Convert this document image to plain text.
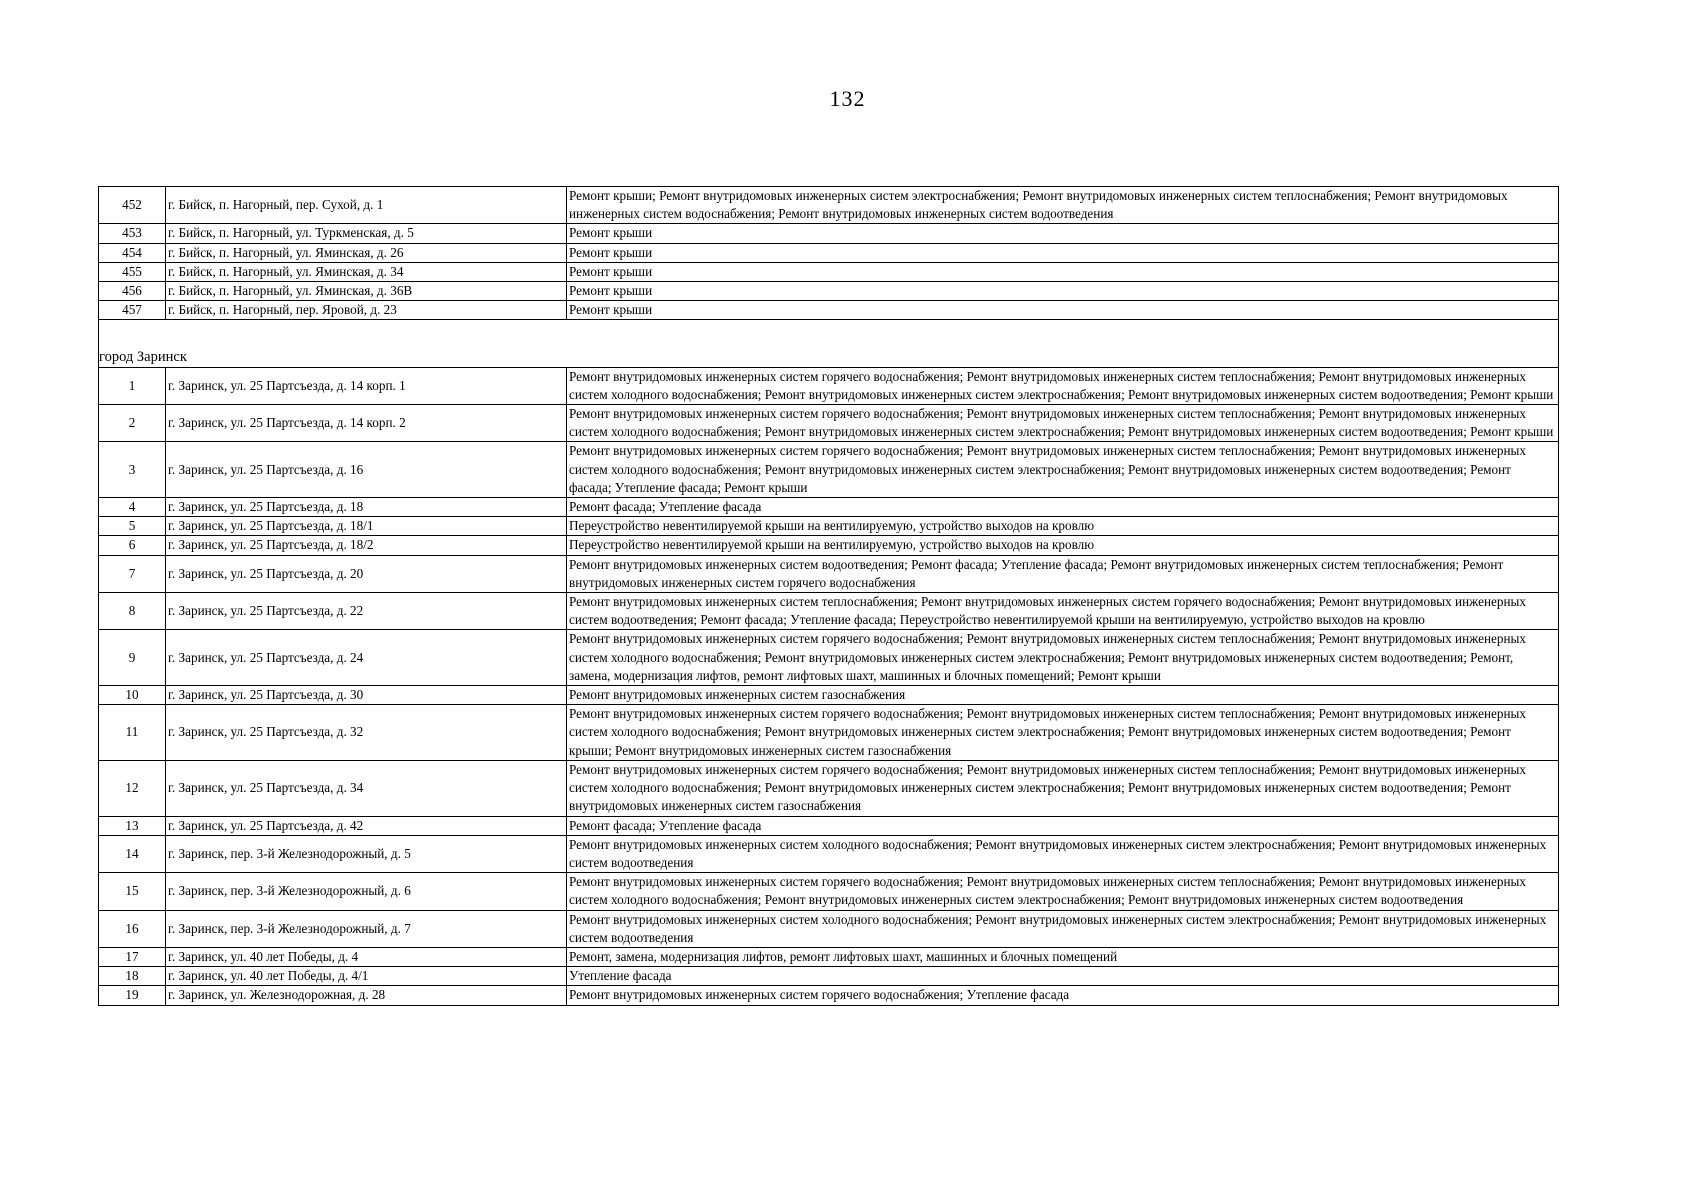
132
452	г. Бийск, п. Нагорный, пер. Сухой, д. 1	Ремонт крыши; Ремонт внутридомовых инженерных систем электроснабжения; Ремонт внутридомовых инженерных систем теплоснабжения; Ремонт внутридомовых инженерных систем водоснабжения; Ремонт внутридомовых инженерных систем водоотведения
453	г. Бийск, п. Нагорный, ул. Туркменская, д. 5	Ремонт крыши
454	г. Бийск, п. Нагорный, ул. Яминская, д. 26	Ремонт крыши
455	г. Бийск, п. Нагорный, ул. Яминская, д. 34	Ремонт крыши
456	г. Бийск, п. Нагорный, ул. Яминская, д. 36В	Ремонт крыши
457	г. Бийск, п. Нагорный, пер. Яровой, д. 23	Ремонт крыши

город Заринск		
1	г. Заринск, ул. 25 Партсъезда, д. 14 корп. 1	Ремонт внутридомовых инженерных систем горячего водоснабжения; Ремонт внутридомовых инженерных систем теплоснабжения; Ремонт внутридомовых инженерных систем холодного водоснабжения; Ремонт внутридомовых инженерных систем электроснабжения; Ремонт внутридомовых инженерных систем водоотведения; Ремонт крыши
2	г. Заринск, ул. 25 Партсъезда, д. 14 корп. 2	Ремонт внутридомовых инженерных систем горячего водоснабжения; Ремонт внутридомовых инженерных систем теплоснабжения; Ремонт внутридомовых инженерных систем холодного водоснабжения; Ремонт внутридомовых инженерных систем электроснабжения; Ремонт внутридомовых инженерных систем водоотведения; Ремонт крыши
3	г. Заринск, ул. 25 Партсъезда, д. 16	Ремонт внутридомовых инженерных систем горячего водоснабжения; Ремонт внутридомовых инженерных систем теплоснабжения; Ремонт внутридомовых инженерных систем холодного водоснабжения; Ремонт внутридомовых инженерных систем электроснабжения; Ремонт внутридомовых инженерных систем водоотведения; Ремонт фасада; Утепление фасада; Ремонт крыши
4	г. Заринск, ул. 25 Партсъезда, д. 18	Ремонт фасада; Утепление фасада
5	г. Заринск, ул. 25 Партсъезда, д. 18/1	Переустройство невентилируемой крыши на вентилируемую, устройство выходов на кровлю
6	г. Заринск, ул. 25 Партсъезда, д. 18/2	Переустройство невентилируемой крыши на вентилируемую, устройство выходов на кровлю
7	г. Заринск, ул. 25 Партсъезда, д. 20	Ремонт внутридомовых инженерных систем водоотведения; Ремонт фасада; Утепление фасада; Ремонт внутридомовых инженерных систем теплоснабжения; Ремонт внутридомовых инженерных систем горячего водоснабжения
8	г. Заринск, ул. 25 Партсъезда, д. 22	Ремонт внутридомовых инженерных систем теплоснабжения; Ремонт внутридомовых инженерных систем горячего водоснабжения; Ремонт внутридомовых инженерных систем водоотведения; Ремонт фасада; Утепление фасада; Переустройство невентилируемой крыши на вентилируемую, устройство выходов на кровлю
9	г. Заринск, ул. 25 Партсъезда, д. 24	Ремонт внутридомовых инженерных систем горячего водоснабжения; Ремонт внутридомовых инженерных систем теплоснабжения; Ремонт внутридомовых инженерных систем холодного водоснабжения; Ремонт внутридомовых инженерных систем электроснабжения; Ремонт внутридомовых инженерных систем водоотведения; Ремонт, замена, модернизация лифтов, ремонт лифтовых шахт, машинных и блочных помещений; Ремонт крыши
10	г. Заринск, ул. 25 Партсъезда, д. 30	Ремонт внутридомовых инженерных систем газоснабжения
11	г. Заринск, ул. 25 Партсъезда, д. 32	Ремонт внутридомовых инженерных систем горячего водоснабжения; Ремонт внутридомовых инженерных систем теплоснабжения; Ремонт внутридомовых инженерных систем холодного водоснабжения; Ремонт внутридомовых инженерных систем электроснабжения; Ремонт внутридомовых инженерных систем водоотведения; Ремонт крыши; Ремонт внутридомовых инженерных систем газоснабжения
12	г. Заринск, ул. 25 Партсъезда, д. 34	Ремонт внутридомовых инженерных систем горячего водоснабжения; Ремонт внутридомовых инженерных систем теплоснабжения; Ремонт внутридомовых инженерных систем холодного водоснабжения; Ремонт внутридомовых инженерных систем электроснабжения; Ремонт внутридомовых инженерных систем водоотведения; Ремонт внутридомовых инженерных систем газоснабжения
13	г. Заринск, ул. 25 Партсъезда, д. 42	Ремонт фасада; Утепление фасада
14	г. Заринск, пер. 3-й Железнодорожный, д. 5	Ремонт внутридомовых инженерных систем холодного водоснабжения; Ремонт внутридомовых инженерных систем электроснабжения; Ремонт внутридомовых инженерных систем водоотведения
15	г. Заринск, пер. 3-й Железнодорожный, д. 6	Ремонт внутридомовых инженерных систем горячего водоснабжения; Ремонт внутридомовых инженерных систем теплоснабжения; Ремонт внутридомовых инженерных систем холодного водоснабжения; Ремонт внутридомовых инженерных систем электроснабжения; Ремонт внутридомовых инженерных систем водоотведения
16	г. Заринск, пер. 3-й Железнодорожный, д. 7	Ремонт внутридомовых инженерных систем холодного водоснабжения; Ремонт внутридомовых инженерных систем электроснабжения; Ремонт внутридомовых инженерных систем водоотведения
17	г. Заринск, ул. 40 лет Победы, д. 4	Ремонт, замена, модернизация лифтов, ремонт лифтовых шахт, машинных и блочных помещений
18	г. Заринск, ул. 40 лет Победы, д. 4/1	Утепление фасада
19	г. Заринск, ул. Железнодорожная, д. 28	Ремонт внутридомовых инженерных систем горячего водоснабжения; Утепление фасада
